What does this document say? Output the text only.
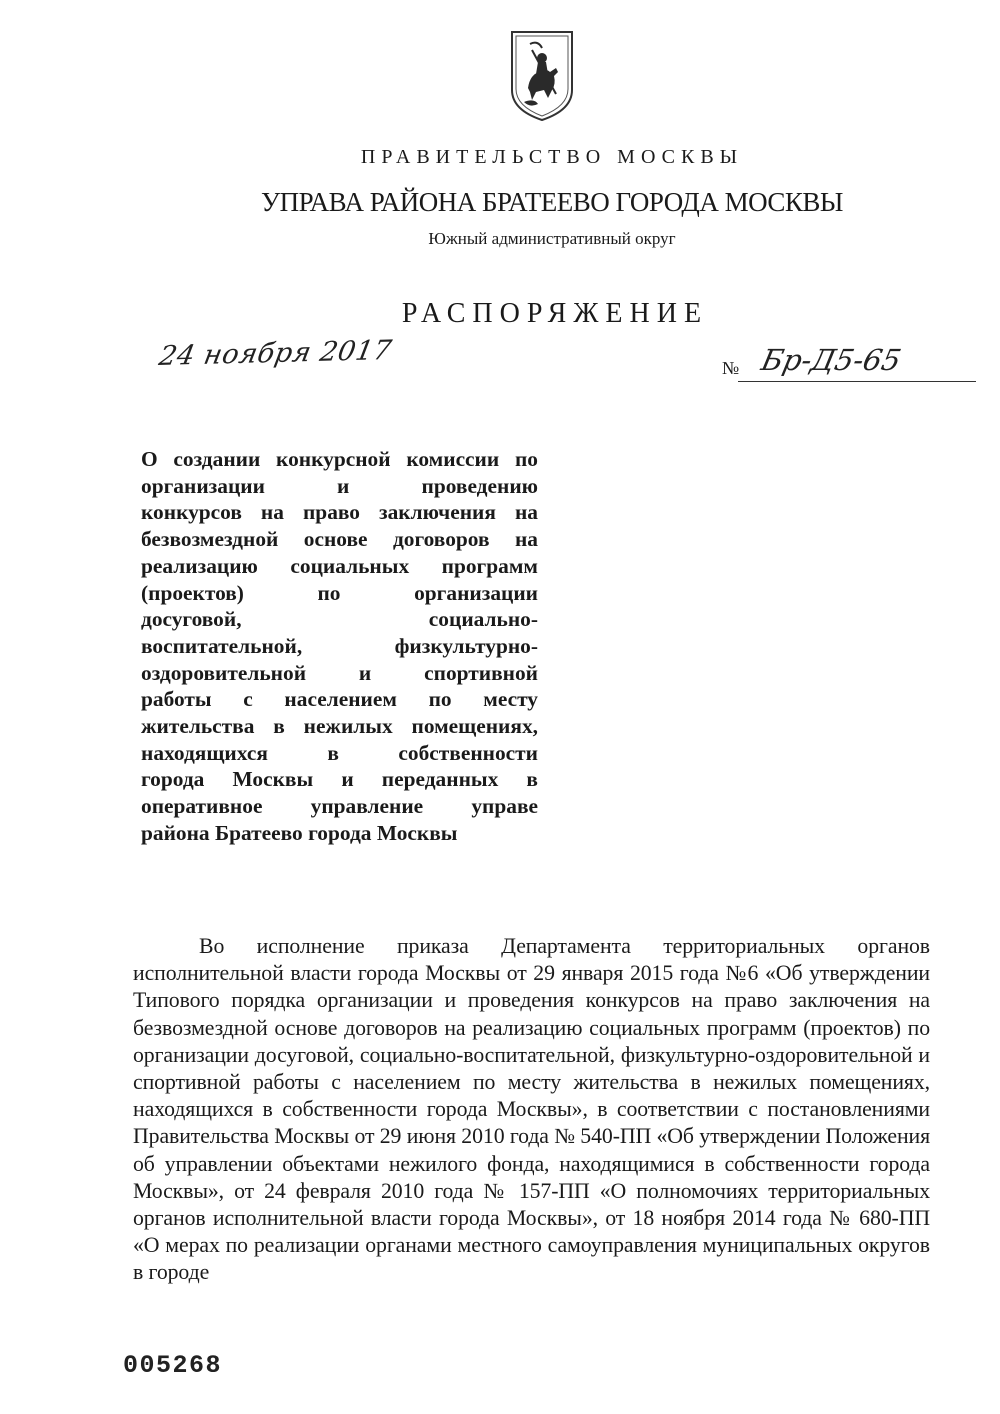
ПРАВИТЕЛЬСТВО МОСКВЫ
УПРАВА РАЙОНА БРАТЕЕВО ГОРОДА МОСКВЫ
Южный административный округ
РАСПОРЯЖЕНИЕ
24 ноября 2017	№ Бр-Д5-65
О создании конкурсной комиссии по
организации и проведению
конкурсов на право заключения на
безвозмездной основе договоров на
реализацию социальных программ
(проектов) по организации
досуговой, социально-
воспитательной, физкультурно-
оздоровительной и спортивной
работы с населением по месту
жительства в нежилых помещениях,
находящихся в собственности
города Москвы и переданных в
оперативное управление управе
района Братеево города Москвы
Во исполнение приказа Департамента территориальных органов исполнительной власти города Москвы от 29 января 2015 года №6 «Об утверждении Типового порядка организации и проведения конкурсов на право заключения на безвозмездной основе договоров на реализацию социальных программ (проектов) по организации досуговой, социально-воспитательной, физкультурно-оздоровительной и спортивной работы с населением по месту жительства в нежилых помещениях, находящихся в собственности города Москвы», в соответствии с постановлениями Правительства Москвы от 29 июня 2010 года № 540-ПП «Об утверждении Положения об управлении объектами нежилого фонда, находящимися в собственности города Москвы», от 24 февраля 2010 года № 157-ПП «О полномочиях территориальных органов исполнительной власти города Москвы», от 18 ноября 2014 года № 680-ПП «О мерах по реализации органами местного самоуправления муниципальных округов в городе
005268
